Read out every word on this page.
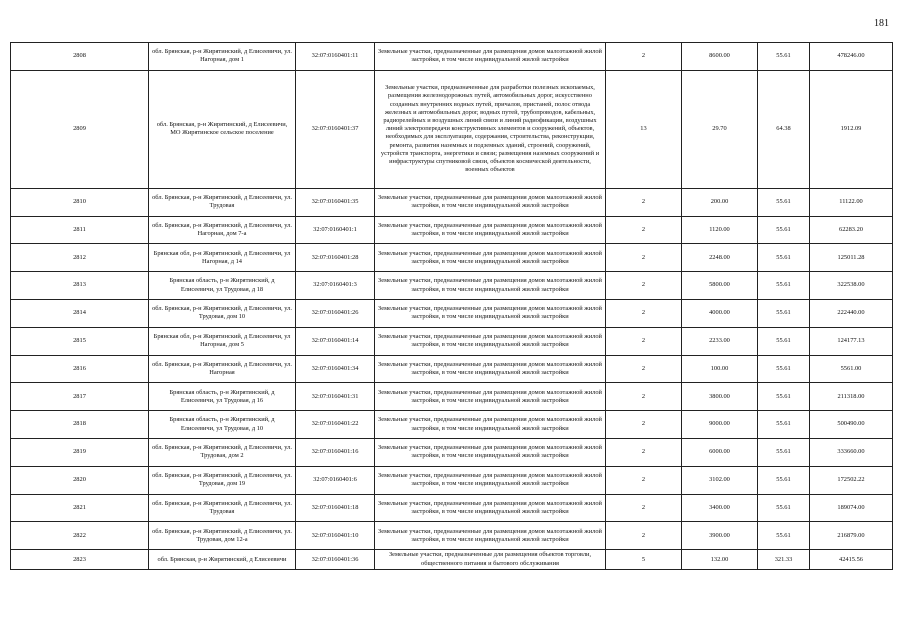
181
2808	обл. Брянская, р-н Жирятинский, д Елисеевичи, ул. Нагорная, дом 1	32:07:0160401:11	Земельные участки, предназначенные для размещения домов малоэтажной жилой застройки, в том числе индивидуальной жилой застройки	2	8600.00	55.61	478246.00
2809	обл. Брянская, р-н Жирятинский, д Елисеевичи, МО Жирятинское сельское поселение	32:07:0160401:37	Земельные участки, предназначенные для разработки полезных ископаемых, размещения железнодорожных путей, автомобильных дорог, искусственно созданных внутренних водных путей, причалов, пристаней, полос отвода железных и автомобильных дорог, водных путей, трубопроводов, кабельных, радиорелейных и воздушных линий связи и линий радиофикации, воздушных линий электропередачи конструктивных элементов и сооружений, объектов, необходимых для эксплуатации, содержания, строительства, реконструкции, ремонта, развития наземных и подземных зданий, строений, сооружений, устройств транспорта, энергетики и связи; размещения наземных сооружений и инфраструктуры спутниковой связи, объектов космической деятельности, военных объектов	13	29.70	64.38	1912.09
2810	обл. Брянская, р-н Жирятинский, д Елисеевичи, ул. Трудовая	32:07:0160401:35	Земельные участки, предназначенные для размещения домов малоэтажной жилой застройки, в том числе индивидуальной жилой застройки	2	200.00	55.61	11122.00
2811	обл. Брянская, р-н Жирятинский, д Елисеевичи, ул. Нагорная, дом 7-а	32:07:0160401:1	Земельные участки, предназначенные для размещения домов малоэтажной жилой застройки, в том числе индивидуальной жилой застройки	2	1120.00	55.61	62283.20
2812	Брянская обл, р-н Жирятинский, д Елисеевичи, ул Нагорная, д 14	32:07:0160401:28	Земельные участки, предназначенные для размещения домов малоэтажной жилой застройки, в том числе индивидуальной жилой застройки	2	2248.00	55.61	125011.28
2813	Брянская область, р-н Жирятинский, д Елисеевичи, ул Трудовая, д 18	32:07:0160401:3	Земельные участки, предназначенные для размещения домов малоэтажной жилой застройки, в том числе индивидуальной жилой застройки	2	5800.00	55.61	322538.00
2814	обл. Брянская, р-н Жирятинский, д Елисеевичи, ул. Трудовая, дом 10	32:07:0160401:26	Земельные участки, предназначенные для размещения домов малоэтажной жилой застройки, в том числе индивидуальной жилой застройки	2	4000.00	55.61	222440.00
2815	Брянская обл, р-н Жирятинский, д Елисеевичи, ул Нагорная, дом 5	32:07:0160401:14	Земельные участки, предназначенные для размещения домов малоэтажной жилой застройки, в том числе индивидуальной жилой застройки	2	2233.00	55.61	124177.13
2816	обл. Брянская, р-н Жирятинский, д Елисеевичи, ул. Нагорная	32:07:0160401:34	Земельные участки, предназначенные для размещения домов малоэтажной жилой застройки, в том числе индивидуальной жилой застройки	2	100.00	55.61	5561.00
2817	Брянская область, р-н Жирятинский, д Елисеевичи, ул Трудовая, д 16	32:07:0160401:31	Земельные участки, предназначенные для размещения домов малоэтажной жилой застройки, в том числе индивидуальной жилой застройки	2	3800.00	55.61	211318.00
2818	Брянская область, р-н Жирятинский, д Елисеевичи, ул Трудовая, д 10	32:07:0160401:22	Земельные участки, предназначенные для размещения домов малоэтажной жилой застройки, в том числе индивидуальной жилой застройки	2	9000.00	55.61	500490.00
2819	обл. Брянская, р-н Жирятинский, д Елисеевичи, ул. Трудовая, дом 2	32:07:0160401:16	Земельные участки, предназначенные для размещения домов малоэтажной жилой застройки, в том числе индивидуальной жилой застройки	2	6000.00	55.61	333660.00
2820	обл. Брянская, р-н Жирятинский, д Елисеевичи, ул. Трудовая, дом 19	32:07:0160401:6	Земельные участки, предназначенные для размещения домов малоэтажной жилой застройки, в том числе индивидуальной жилой застройки	2	3102.00	55.61	172502.22
2821	обл. Брянская, р-н Жирятинский, д Елисеевичи, ул. Трудовая	32:07:0160401:18	Земельные участки, предназначенные для размещения домов малоэтажной жилой застройки, в том числе индивидуальной жилой застройки	2	3400.00	55.61	189074.00
2822	обл. Брянская, р-н Жирятинский, д Елисеевичи, ул. Трудовая, дом 12-а	32:07:0160401:10	Земельные участки, предназначенные для размещения домов малоэтажной жилой застройки, в том числе индивидуальной жилой застройки	2	3900.00	55.61	216879.00
2823	обл. Брянская, р-н Жирятинский, д Елисеевичи	32:07:0160401:36	Земельные участки, предназначенные для размещения объектов торговли, общественного питания и бытового обслуживания	5	132.00	321.33	42415.56
